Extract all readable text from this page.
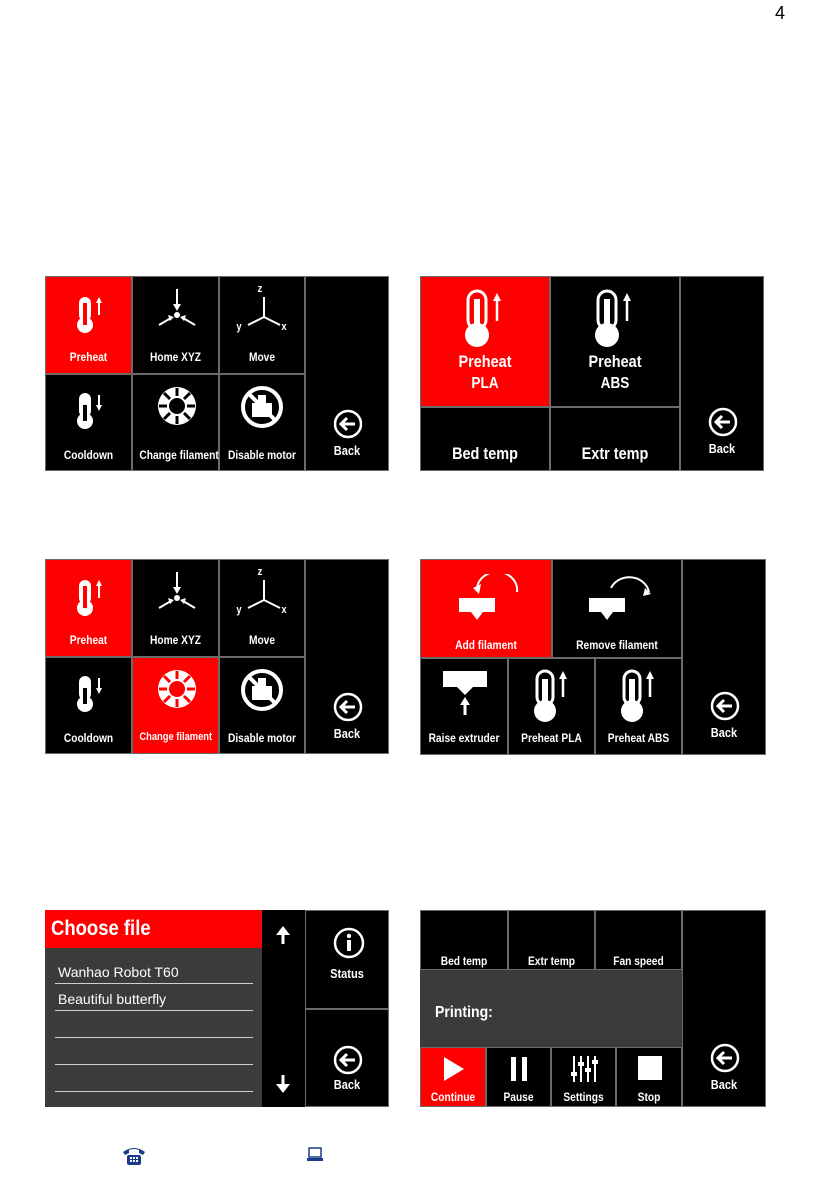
4
Preheat	Home XYZ
z
y	x
Move
Cooldown	Change filament Disable motor	Back
Preheat
PLA
Preheat
ABS
Bed temp	Extr temp	Back
Preheat	Home XYZ
z
y	x
Move
Cooldown	Change filament Disable motor	Back
Add filament	Remove filament
Raise extruder	Preheat PLA	Preheat ABS	Back
Choose file
Wanhao Robot T60
Beautiful butterfly
Status
Back
Bed temp	Extr temp	Fan speed
Printing:
Continue	Pause	Settings	Stop
Back
